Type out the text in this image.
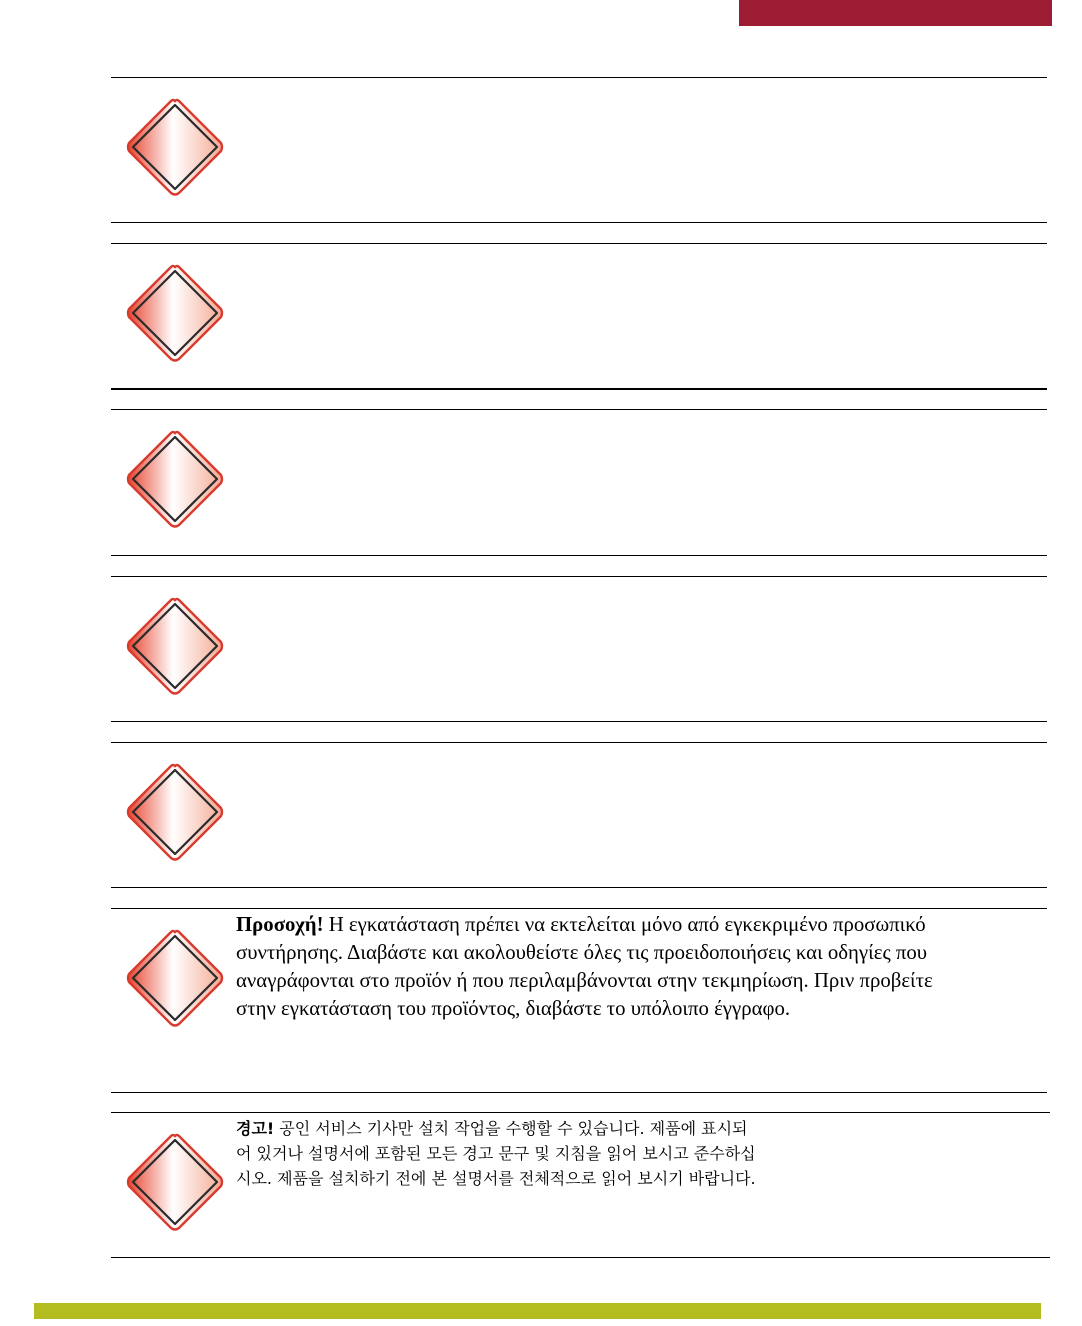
Προσοχή! Η εγκατάσταση πρέπει να εκτελείται μόνο από εγκεκριμένο προσωπικό συντήρησης. Διαβάστε και ακολουθείστε όλες τις προειδοποιήσεις και οδηγίες που αναγράφονται στο προϊόν ή που περιλαμβάνονται στην τεκμηρίωση. Πριν προβείτε στην εγκατάσταση του προϊόντος, διαβάστε το υπόλοιπο έγγραφο.
경고! 공인 서비스 기사만 설치 작업을 수행할 수 있습니다. 제품에 표시되어 있거나 설명서에 포함된 모든 경고 문구 및 지침을 읽어 보시고 준수하십시오. 제품을 설치하기 전에 본 설명서를 전체적으로 읽어 보시기 바랍니다.
